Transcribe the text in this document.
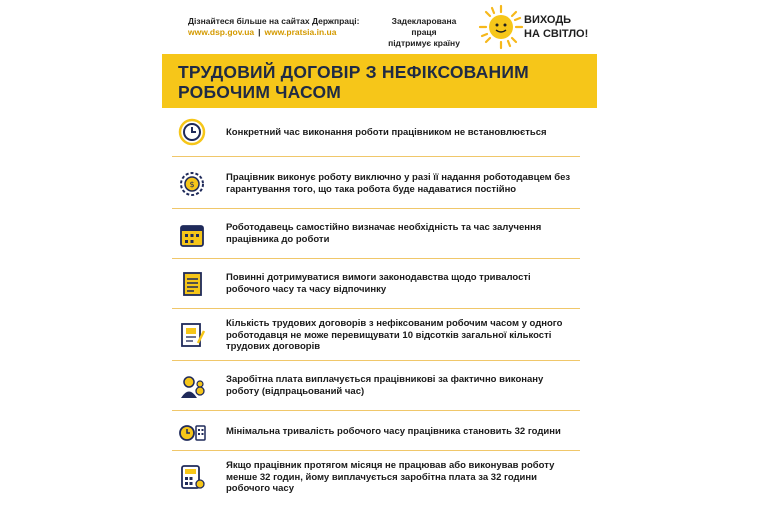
Дізнайтеся більше на сайтах Держпраці:
www.dsp.gov.ua | www.pratsia.in.ua
Задекларована праця
підтримує країну
ВИХОДЬ
НА СВІТЛО!
ТРУДОВИЙ ДОГОВІР З НЕФІКСОВАНИМ
РОБОЧИМ ЧАСОМ
Конкретний час виконання роботи працівником не встановлюється
$
Працівник виконує роботу виключно у разі її надання роботодавцем без гарантування того, що така робота буде надаватися постійно
Роботодавець самостійно визначає необхідність та час залучення працівника до роботи
Повинні дотримуватися вимоги законодавства щодо тривалості робочого часу та часу відпочинку
Кількість трудових договорів з нефіксованим робочим часом у одного роботодавця не може перевищувати 10 відсотків загальної кількості трудових договорів
Заробітна плата виплачується працівникові за фактично виконану роботу (відпрацьований час)
Мінімальна тривалість робочого часу працівника становить 32 години
Якщо працівник протягом місяця не працював або виконував роботу менше 32 годин, йому виплачується заробітна плата за 32 години робочого часу
